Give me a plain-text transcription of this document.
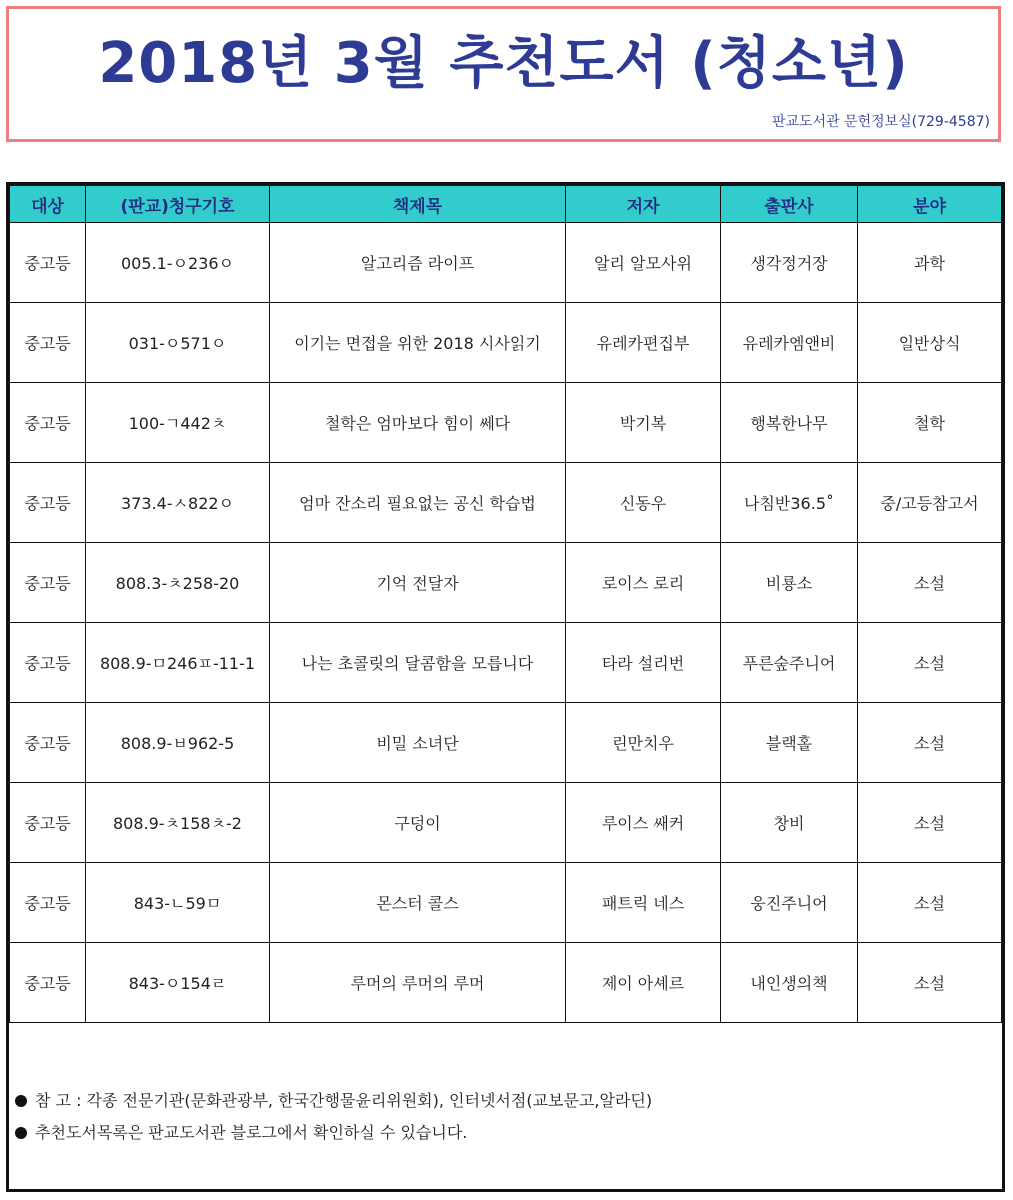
2018년 3월 추천도서 (청소년)
판교도서관 문헌정보실(729-4587)
대상	(판교)청구기호	책제목	저자	출판사	분야
중고등	005.1-ㅇ236ㅇ	알고리즘 라이프	알리 알모사위	생각정거장	과학
중고등	031-ㅇ571ㅇ	이기는 면접을 위한 2018 시사읽기	유레카편집부	유레카엠앤비	일반상식
중고등	100-ㄱ442ㅊ	철학은 엄마보다 힘이 쎄다	박기복	행복한나무	철학
중고등	373.4-ㅅ822ㅇ	엄마 잔소리 필요없는 공신 학습법	신동우	나침반36.5˚	중/고등참고서
중고등	808.3-ㅊ258-20	기억 전달자	로이스 로리	비룡소	소설
중고등	808.9-ㅁ246ㅍ-11-1	나는 초콜릿의 달콤함을 모릅니다	타라 설리번	푸른숲주니어	소설
중고등	808.9-ㅂ962-5	비밀 소녀단	린만치우	블랙홀	소설
중고등	808.9-ㅊ158ㅊ-2	구덩이	루이스 쌔커	창비	소설
중고등	843-ㄴ59ㅁ	몬스터 콜스	패트릭 네스	웅진주니어	소설
중고등	843-ㅇ154ㄹ	루머의 루머의 루머	제이 아셰르	내인생의책	소설
참 고 : 각종 전문기관(문화관광부, 한국간행물윤리위원회), 인터넷서점(교보문고,알라딘)
추천도서목록은 판교도서관 블로그에서 확인하실 수 있습니다.
